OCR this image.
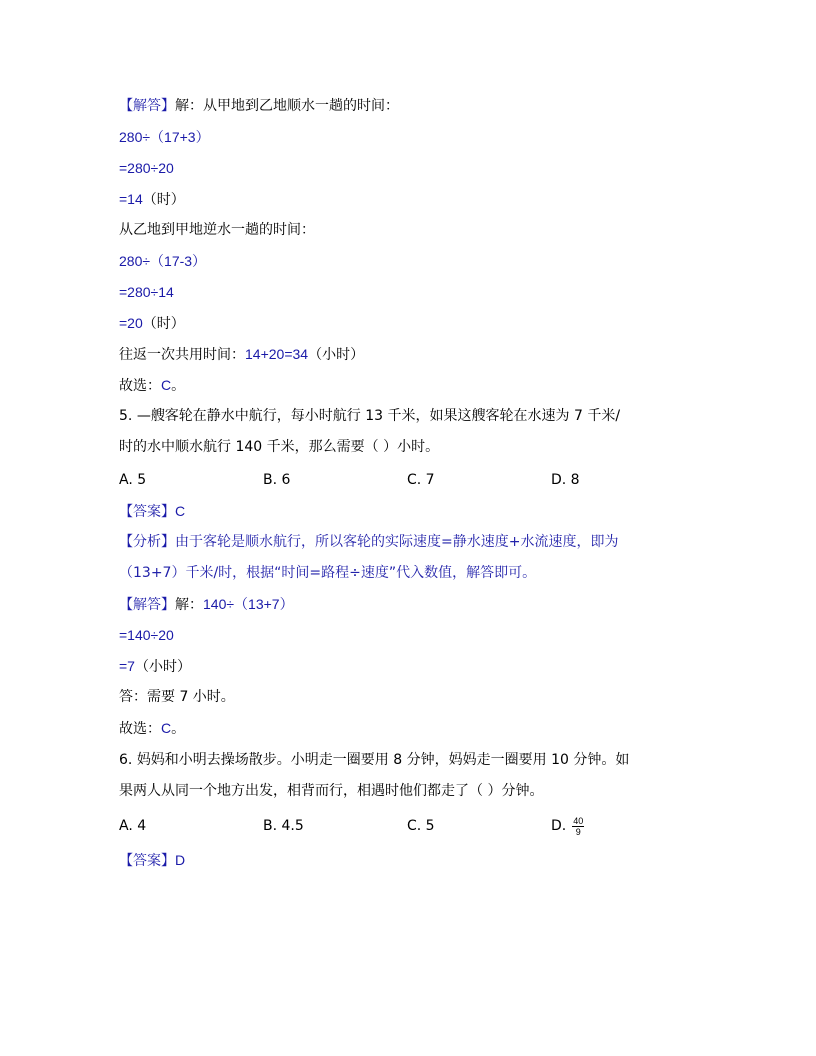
【解答】解：从甲地到乙地顺水一趟的时间：
280÷（17+3）
=280÷20
=14（时）
从乙地到甲地逆水一趟的时间：
280÷（17-3）
=280÷14
=20（时）
往返一次共用时间：14+20=34（小时）
故选：C。
5. —艘客轮在静水中航行，每小时航行 13 千米，如果这艘客轮在水速为 7 千米/
时的水中顺水航行 140 千米，那么需要（ ）小时。
A. 5	B. 6	C. 7	D. 8
【答案】C
【分析】由于客轮是顺水航行，所以客轮的实际速度=静水速度+水流速度，即为
（13+7）千米/时，根据“时间=路程÷速度”代入数值，解答即可。
【解答】解：140÷（13+7）
=140÷20
=7（小时）
答：需要 7 小时。
故选：C。
6. 妈妈和小明去操场散步。小明走一圈要用 8 分钟，妈妈走一圈要用 10 分钟。如
果两人从同一个地方出发，相背而行，相遇时他们都走了（ ）分钟。
A. 4	B. 4.5	C. 5	D. $\frac{40}{9}$
【答案】D
